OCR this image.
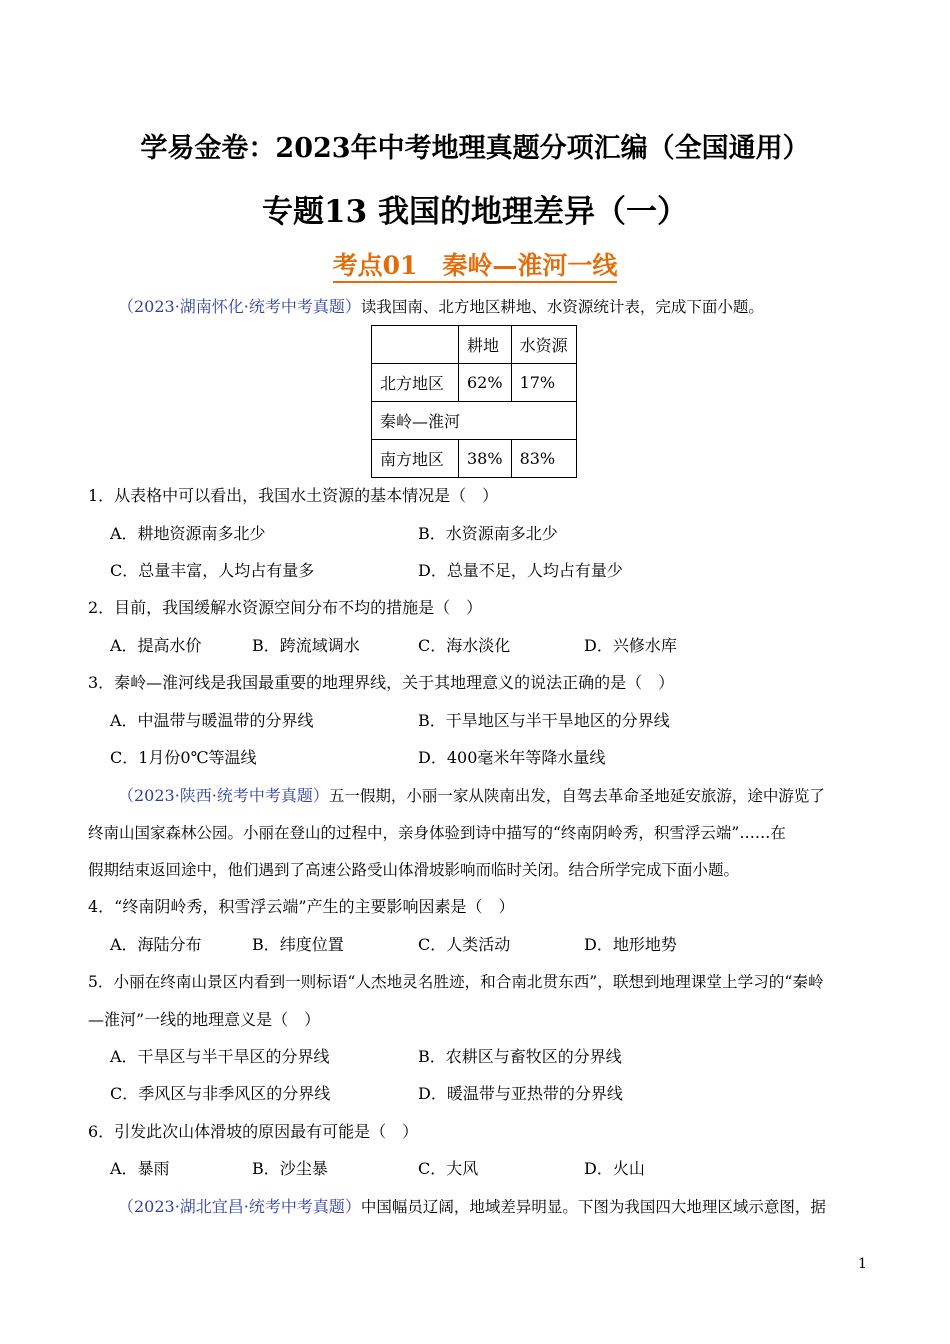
学易金卷：2023年中考地理真题分项汇编（全国通用）
专题13 我国的地理差异（一）
考点01　秦岭—淮河一线
（2023·湖南怀化·统考中考真题）读我国南、北方地区耕地、水资源统计表，完成下面小题。
	耕地	水资源
北方地区	62%	17%
秦岭—淮河		
南方地区	38%	83%
1．从表格中可以看出，我国水土资源的基本情况是（　）
A．耕地资源南多北少	B．水资源南多北少
C．总量丰富，人均占有量多	D．总量不足，人均占有量少
2．目前，我国缓解水资源空间分布不均的措施是（　）
A．提高水价	B．跨流域调水	C．海水淡化	D．兴修水库
3．秦岭—淮河线是我国最重要的地理界线，关于其地理意义的说法正确的是（　）
A．中温带与暖温带的分界线	B．干旱地区与半干旱地区的分界线
C．1月份0℃等温线	D．400毫米年等降水量线
（2023·陕西·统考中考真题）五一假期，小丽一家从陕南出发，自驾去革命圣地延安旅游，途中游览了
终南山国家森林公园。小丽在登山的过程中，亲身体验到诗中描写的“终南阴岭秀，积雪浮云端”……在
假期结束返回途中，他们遇到了高速公路受山体滑坡影响而临时关闭。结合所学完成下面小题。
4．“终南阴岭秀，积雪浮云端”产生的主要影响因素是（　）
A．海陆分布	B．纬度位置	C．人类活动	D．地形地势
5．小丽在终南山景区内看到一则标语“人杰地灵名胜迹，和合南北贯东西”，联想到地理课堂上学习的“秦岭
—淮河”一线的地理意义是（　）
A．干旱区与半干旱区的分界线	B．农耕区与畜牧区的分界线
C．季风区与非季风区的分界线	D．暖温带与亚热带的分界线
6．引发此次山体滑坡的原因最有可能是（　）
A．暴雨	B．沙尘暴	C．大风	D．火山
（2023·湖北宜昌·统考中考真题）中国幅员辽阔，地域差异明显。下图为我国四大地理区域示意图，据
1
